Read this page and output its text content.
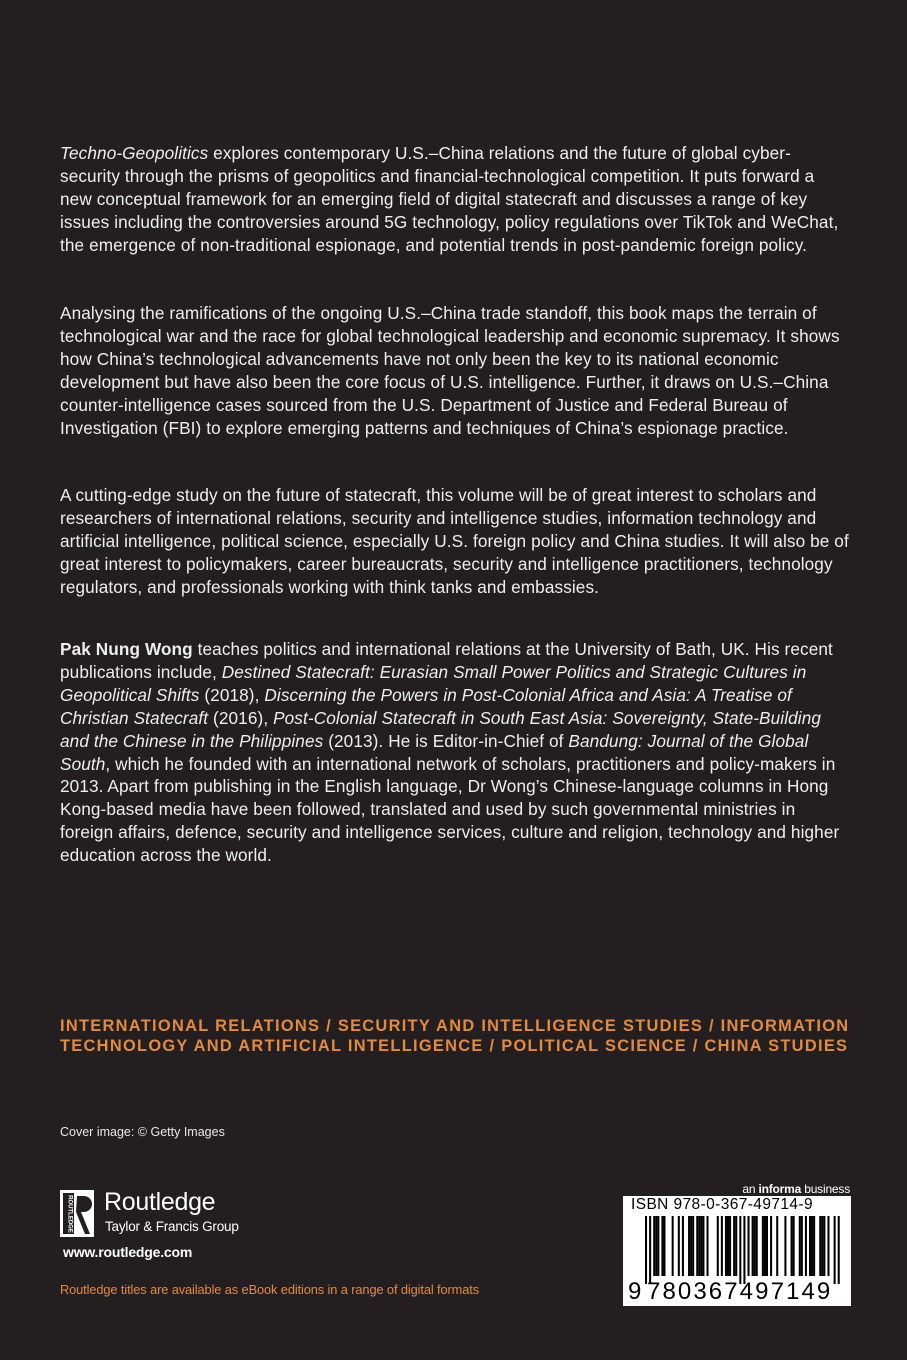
Techno-Geopolitics explores contemporary U.S.–China relations and the future of global cyber-security through the prisms of geopolitics and financial-technological competition. It puts forward a new conceptual framework for an emerging field of digital statecraft and discusses a range of key issues including the controversies around 5G technology, policy regulations over TikTok and WeChat, the emergence of non-traditional espionage, and potential trends in post-pandemic foreign policy.

Analysing the ramifications of the ongoing U.S.–China trade standoff, this book maps the terrain of technological war and the race for global technological leadership and economic supremacy. It shows how China’s technological advancements have not only been the key to its national economic development but have also been the core focus of U.S. intelligence. Further, it draws on U.S.–China counter-intelligence cases sourced from the U.S. Department of Justice and Federal Bureau of Investigation (FBI) to explore emerging patterns and techniques of China’s espionage practice.

A cutting-edge study on the future of statecraft, this volume will be of great interest to scholars and researchers of international relations, security and intelligence studies, information technology and artificial intelligence, political science, especially U.S. foreign policy and China studies. It will also be of great interest to policymakers, career bureaucrats, security and intelligence practitioners, technology regulators, and professionals working with think tanks and embassies.

Pak Nung Wong teaches politics and international relations at the University of Bath, UK. His recent publications include, Destined Statecraft: Eurasian Small Power Politics and Strategic Cultures in Geopolitical Shifts (2018), Discerning the Powers in Post-Colonial Africa and Asia: A Treatise of Christian Statecraft (2016), Post-Colonial Statecraft in South East Asia: Sovereignty, State-Building and the Chinese in the Philippines (2013). He is Editor-in-Chief of Bandung: Journal of the Global South, which he founded with an international network of scholars, practitioners and policy-makers in 2013. Apart from publishing in the English language, Dr Wong’s Chinese-language columns in Hong Kong-based media have been followed, translated and used by such governmental ministries in foreign affairs, defence, security and intelligence services, culture and religion, technology and higher education across the world.

INTERNATIONAL RELATIONS / SECURITY AND INTELLIGENCE STUDIES / INFORMATION TECHNOLOGY AND ARTIFICIAL INTELLIGENCE / POLITICAL SCIENCE / CHINA STUDIES
Cover image: © Getty Images
ROUTLEDGE Routledge
Taylor & Francis Group
www.routledge.com
Routledge titles are available as eBook editions in a range of digital formats
an informa business
ISBN 978-0-367-49714-9
9 780367497149
